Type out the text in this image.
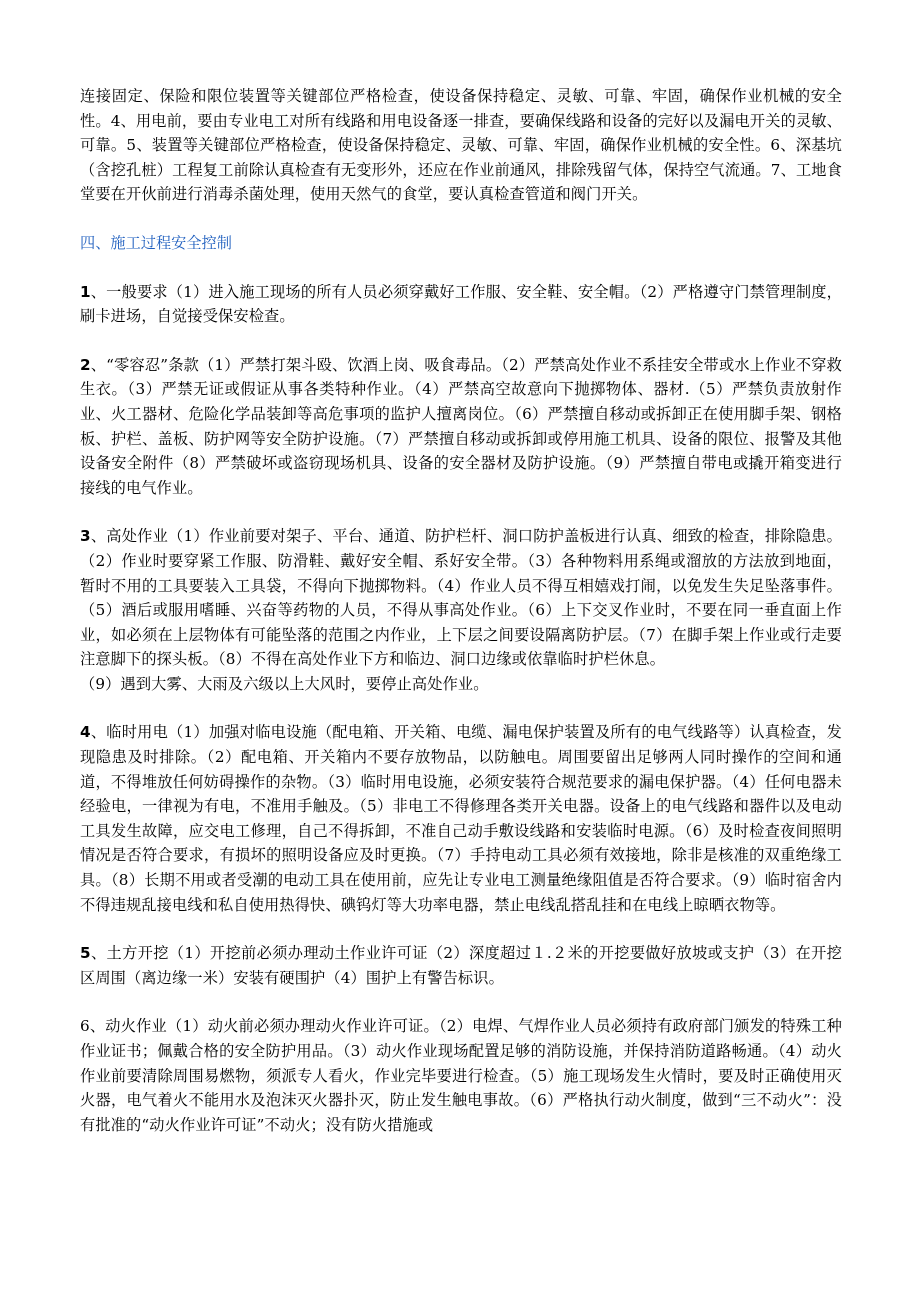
连接固定、保险和限位装置等关键部位严格检查，使设备保持稳定、灵敏、可靠、牢固，确保作业机械的安全性。4、用电前，要由专业电工对所有线路和用电设备逐一排查，要确保线路和设备的完好以及漏电开关的灵敏、可靠。5、装置等关键部位严格检查，使设备保持稳定、灵敏、可靠、牢固，确保作业机械的安全性。6、深基坑（含挖孔桩）工程复工前除认真检查有无变形外，还应在作业前通风，排除残留气体，保持空气流通。7、工地食堂要在开伙前进行消毒杀菌处理，使用天然气的食堂，要认真检查管道和阀门开关。

四、施工过程安全控制

1、一般要求（1）进入施工现场的所有人员必须穿戴好工作服、安全鞋、安全帽。（2）严格遵守门禁管理制度，刷卡进场，自觉接受保安检查。

2、“零容忍”条款（1）严禁打架斗殴、饮酒上岗、吸食毒品。（2）严禁高处作业不系挂安全带或水上作业不穿救生衣。（3）严禁无证或假证从事各类特种作业。（4）严禁高空故意向下抛掷物体、器材.（5）严禁负责放射作业、火工器材、危险化学品装卸等高危事项的监护人擅离岗位。（6）严禁擅自移动或拆卸正在使用脚手架、钢格板、护栏、盖板、防护网等安全防护设施。（7）严禁擅自移动或拆卸或停用施工机具、设备的限位、报警及其他设备安全附件（8）严禁破坏或盗窃现场机具、设备的安全器材及防护设施。（9）严禁擅自带电或撬开箱变进行接线的电气作业。

3、高处作业（1）作业前要对架子、平台、通道、防护栏杆、洞口防护盖板进行认真、细致的检查，排除隐患。（2）作业时要穿紧工作服、防滑鞋、戴好安全帽、系好安全带。（3）各种物料用系绳或溜放的方法放到地面，暂时不用的工具要装入工具袋，不得向下抛掷物料。（4）作业人员不得互相嬉戏打闹，以免发生失足坠落事件。（5）酒后或服用嗜睡、兴奋等药物的人员，不得从事高处作业。（6）上下交叉作业时，不要在同一垂直面上作业，如必须在上层物体有可能坠落的范围之内作业，上下层之间要设隔离防护层。（7）在脚手架上作业或行走要注意脚下的探头板。（8）不得在高处作业下方和临边、洞口边缘或依靠临时护栏休息。

（9）遇到大雾、大雨及六级以上大风时，要停止高处作业。

4、临时用电（1）加强对临电设施（配电箱、开关箱、电缆、漏电保护装置及所有的电气线路等）认真检查，发现隐患及时排除。（2）配电箱、开关箱内不要存放物品，以防触电。周围要留出足够两人同时操作的空间和通道，不得堆放任何妨碍操作的杂物。（3）临时用电设施，必须安装符合规范要求的漏电保护器。（4）任何电器未经验电，一律视为有电，不准用手触及。（5）非电工不得修理各类开关电器。设备上的电气线路和器件以及电动工具发生故障，应交电工修理，自己不得拆卸，不准自己动手敷设线路和安装临时电源。（6）及时检查夜间照明情况是否符合要求，有损坏的照明设备应及时更换。（7）手持电动工具必须有效接地，除非是核准的双重绝缘工具。（8）长期不用或者受潮的电动工具在使用前，应先让专业电工测量绝缘阻值是否符合要求。（9）临时宿舍内不得违规乱接电线和私自使用热得快、碘钨灯等大功率电器，禁止电线乱搭乱挂和在电线上晾晒衣物等。

5、土方开挖（1）开挖前必须办理动土作业许可证（2）深度超过１.２米的开挖要做好放坡或支护（3）在开挖区周围（离边缘一米）安装有硬围护（4）围护上有警告标识。

6、动火作业（1）动火前必须办理动火作业许可证。（2）电焊、气焊作业人员必须持有政府部门颁发的特殊工种作业证书；佩戴合格的安全防护用品。（3）动火作业现场配置足够的消防设施，并保持消防道路畅通。（4）动火作业前要清除周围易燃物，须派专人看火，作业完毕要进行检查。（5）施工现场发生火情时，要及时正确使用灭火器，电气着火不能用水及泡沫灭火器扑灭，防止发生触电事故。（6）严格执行动火制度，做到“三不动火”：没有批准的“动火作业许可证”不动火；没有防火措施或
